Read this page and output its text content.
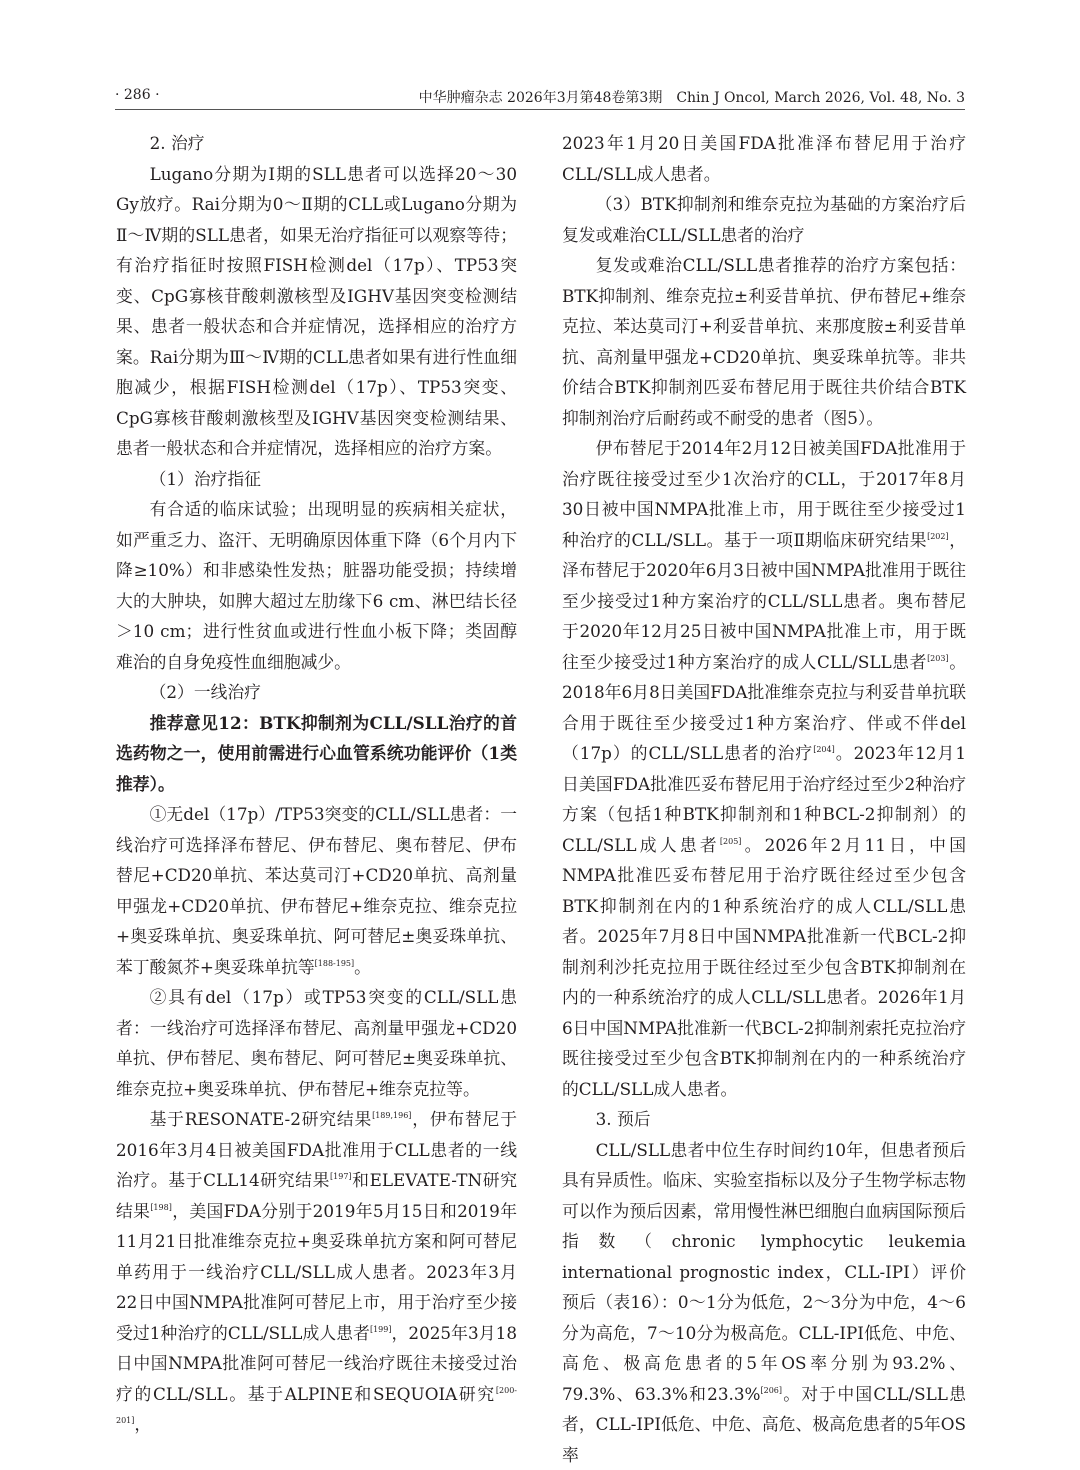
· 286 ·	中华肿瘤杂志 2026年3月第48卷第3期　Chin J Oncol, March 2026, Vol. 48, No. 3

2. 治疗

Lugano分期为Ⅰ期的SLL患者可以选择20～30 Gy放疗。Rai分期为0～Ⅱ期的CLL或Lugano分期为Ⅱ～Ⅳ期的SLL患者，如果无治疗指征可以观察等待；有治疗指征时按照FISH检测del（17p）、TP53突变、CpG寡核苷酸刺激核型及IGHV基因突变检测结果、患者一般状态和合并症情况，选择相应的治疗方案。Rai分期为Ⅲ～Ⅳ期的CLL患者如果有进行性血细胞减少，根据FISH检测del（17p）、TP53突变、CpG寡核苷酸刺激核型及IGHV基因突变检测结果、患者一般状态和合并症情况，选择相应的治疗方案。

（1）治疗指征

有合适的临床试验；出现明显的疾病相关症状，如严重乏力、盗汗、无明确原因体重下降（6个月内下降≥10%）和非感染性发热；脏器功能受损；持续增大的大肿块，如脾大超过左肋缘下6 cm、淋巴结长径＞10 cm；进行性贫血或进行性血小板下降；类固醇难治的自身免疫性血细胞减少。

（2）一线治疗

推荐意见12：BTK抑制剂为CLL/SLL治疗的首选药物之一，使用前需进行心血管系统功能评价（1类推荐）。

①无del（17p）/TP53突变的CLL/SLL患者：一线治疗可选择泽布替尼、伊布替尼、奥布替尼、伊布替尼+CD20单抗、苯达莫司汀+CD20单抗、高剂量甲强龙+CD20单抗、伊布替尼+维奈克拉、维奈克拉+奥妥珠单抗、奥妥珠单抗、阿可替尼±奥妥珠单抗、苯丁酸氮芥+奥妥珠单抗等[188-195]。

②具有del（17p）或TP53突变的CLL/SLL患者：一线治疗可选择泽布替尼、高剂量甲强龙+CD20单抗、伊布替尼、奥布替尼、阿可替尼±奥妥珠单抗、维奈克拉+奥妥珠单抗、伊布替尼+维奈克拉等。

基于RESONATE-2研究结果[189,196]，伊布替尼于2016年3月4日被美国FDA批准用于CLL患者的一线治疗。基于CLL14研究结果[197]和ELEVATE-TN研究结果[198]，美国FDA分别于2019年5月15日和2019年11月21日批准维奈克拉+奥妥珠单抗方案和阿可替尼单药用于一线治疗CLL/SLL成人患者。2023年3月22日中国NMPA批准阿可替尼上市，用于治疗至少接受过1种治疗的CLL/SLL成人患者[199]，2025年3月18日中国NMPA批准阿可替尼一线治疗既往未接受过治疗的CLL/SLL。基于ALPINE和SEQUOIA研究[200-201]，

2023年1月20日美国FDA批准泽布替尼用于治疗CLL/SLL成人患者。

（3）BTK抑制剂和维奈克拉为基础的方案治疗后复发或难治CLL/SLL患者的治疗

复发或难治CLL/SLL患者推荐的治疗方案包括：BTK抑制剂、维奈克拉±利妥昔单抗、伊布替尼+维奈克拉、苯达莫司汀+利妥昔单抗、来那度胺±利妥昔单抗、高剂量甲强龙+CD20单抗、奥妥珠单抗等。非共价结合BTK抑制剂匹妥布替尼用于既往共价结合BTK抑制剂治疗后耐药或不耐受的患者（图5）。

伊布替尼于2014年2月12日被美国FDA批准用于治疗既往接受过至少1次治疗的CLL，于2017年8月30日被中国NMPA批准上市，用于既往至少接受过1种治疗的CLL/SLL。基于一项Ⅱ期临床研究结果[202]，泽布替尼于2020年6月3日被中国NMPA批准用于既往至少接受过1种方案治疗的CLL/SLL患者。奥布替尼于2020年12月25日被中国NMPA批准上市，用于既往至少接受过1种方案治疗的成人CLL/SLL患者[203]。2018年6月8日美国FDA批准维奈克拉与利妥昔单抗联合用于既往至少接受过1种方案治疗、伴或不伴del（17p）的CLL/SLL患者的治疗[204]。2023年12月1日美国FDA批准匹妥布替尼用于治疗经过至少2种治疗方案（包括1种BTK抑制剂和1种BCL-2抑制剂）的CLL/SLL成人患者[205]。2026年2月11日，中国NMPA批准匹妥布替尼用于治疗既往经过至少包含BTK抑制剂在内的1种系统治疗的成人CLL/SLL患者。2025年7月8日中国NMPA批准新一代BCL-2抑制剂利沙托克拉用于既往经过至少包含BTK抑制剂在内的一种系统治疗的成人CLL/SLL患者。2026年1月6日中国NMPA批准新一代BCL-2抑制剂索托克拉治疗既往接受过至少包含BTK抑制剂在内的一种系统治疗的CLL/SLL成人患者。

3. 预后

CLL/SLL患者中位生存时间约10年，但患者预后具有异质性。临床、实验室指标以及分子生物学标志物可以作为预后因素，常用慢性淋巴细胞白血病国际预后指数（chronic lymphocytic leukemia international prognostic index，CLL-IPI）评价预后（表16）：0～1分为低危，2～3分为中危，4～6分为高危，7～10分为极高危。CLL-IPI低危、中危、高危、极高危患者的5年OS率分别为93.2%、79.3%、63.3%和23.3%[206]。对于中国CLL/SLL患者，CLL-IPI低危、中危、高危、极高危患者的5年OS率
